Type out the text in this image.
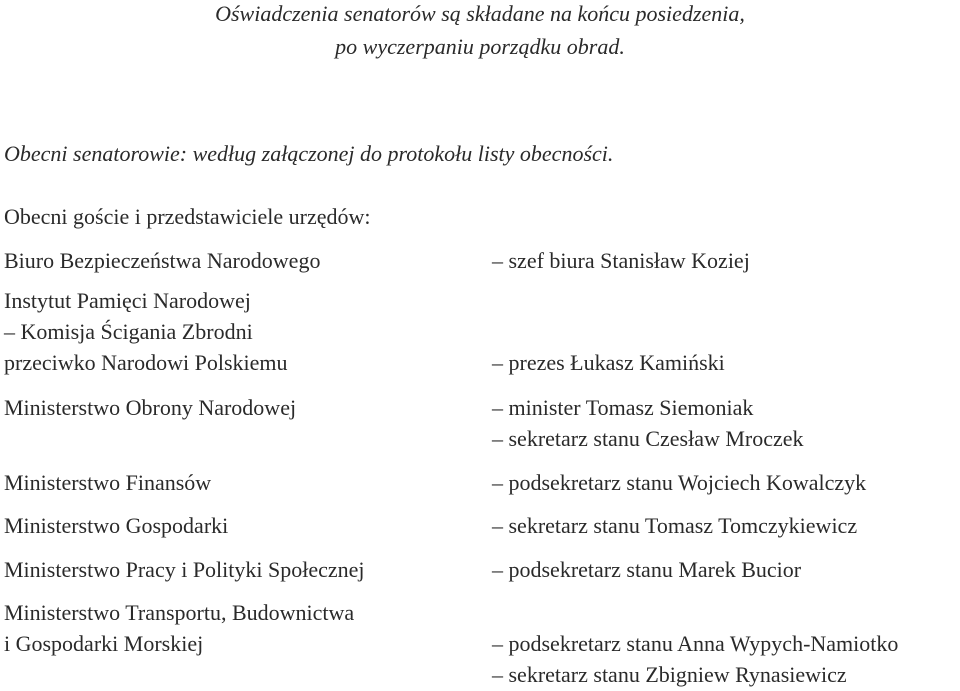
Oświadczenia senatorów są składane na końcu posiedzenia,
po wyczerpaniu porządku obrad.
Obecni senatorowie: według załączonej do protokołu listy obecności.
Obecni goście i przedstawiciele urzędów:
Biuro Bezpieczeństwa Narodowego	– szef biura Stanisław Koziej
Instytut Pamięci Narodowej
– Komisja Ścigania Zbrodni
przeciwko Narodowi Polskiemu	– prezes Łukasz Kamiński
Ministerstwo Obrony Narodowej	– minister Tomasz Siemoniak
– sekretarz stanu Czesław Mroczek
Ministerstwo Finansów	– podsekretarz stanu Wojciech Kowalczyk
Ministerstwo Gospodarki	– sekretarz stanu Tomasz Tomczykiewicz
Ministerstwo Pracy i Polityki Społecznej	– podsekretarz stanu Marek Bucior
Ministerstwo Transportu, Budownictwa
i Gospodarki Morskiej	– podsekretarz stanu Anna Wypych-Namiotko
– sekretarz stanu Zbigniew Rynasiewicz
